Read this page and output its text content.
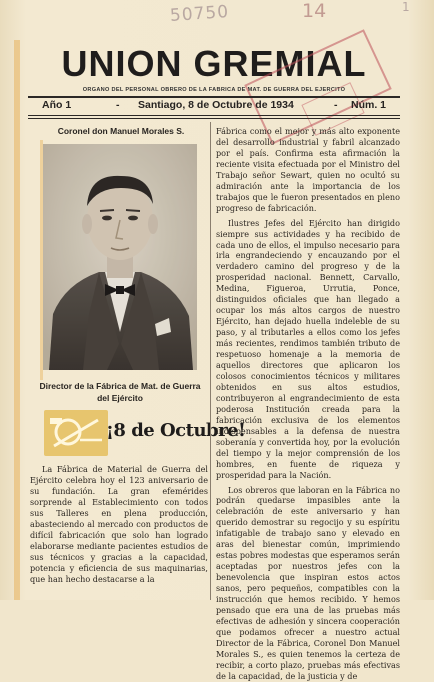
50750	14	1
UNION GREMIAL
ORGANO DEL PERSONAL OBRERO DE LA FABRICA DE MAT. DE GUERRA DEL EJERCITO
Año 1	- Santiago, 8 de Octubre de 1934	- Núm. 1
Coronel don Manuel Morales S.
Director de la Fábrica de Mat. de Guerra del Ejército
¡8 de Octubre!

La Fábrica de Material de Guerra del Ejército celebra hoy el 123 aniversario de su fundación. La gran efemérides sorprende al Establecimiento con todos sus Talleres en plena producción, abasteciendo al mercado con productos de difícil fabricación que solo han logrado elaborarse mediante pacientes estudios de sus técnicos y gracias a la capacidad, potencia y eficiencia de sus maquinarias, que han hecho destacarse a la

Fábrica como el mejor y más alto exponente del desarrollo industrial y fabril alcanzado por el país. Confirma esta afirmación la reciente visita efectuada por el Ministro del Trabajo señor Sewart, quien no ocultó su admiración ante la importancia de los trabajos que le fueron presentados en pleno progreso de fabricación.

Ilustres Jefes del Ejército han dirigido siempre sus actividades y ha recibido de cada uno de ellos, el impulso necesario para irla engrandeciendo y encauzando por el verdadero camino del progreso y de la prosperidad nacional. Bennett, Carvallo, Medina, Figueroa, Urrutia, Ponce, distinguidos oficiales que han llegado a ocupar los más altos cargos de nuestro Ejército, han dejado huella indeleble de su paso, y al tributarles a ellos como los jefes más recientes, rendimos también tributo de respetuoso homenaje a la memoria de aquellos directores que aplicaron los colosos conocimientos técnicos y militares obtenidos en sus altos estudios, contribuyeron al engrandecimiento de esta poderosa Institución creada para la fabricación exclusiva de los elementos indispensables a la defensa de nuestra soberanía y convertida hoy, por la evolución del tiempo y la mejor comprensión de los hombres, en fuente de riqueza y prosperidad para la Nación.

Los obreros que laboran en la Fábrica no podrán quedarse impasibles ante la celebración de este aniversario y han querido demostrar su regocijo y su espíritu infatigable de trabajo sano y elevado en aras del bienestar común, imprimiendo estas pobres modestas que esperamos serán aceptadas por nuestros jefes con la benevolencia que inspiran estos actos sanos, pero pequeños, compatibles con la instrucción que hemos recibido. Y hemos pensado que era una de las pruebas más efectivas de adhesión y sincera cooperación que podamos ofrecer a nuestro actual Director de la Fábrica, Coronel Don Manuel Morales S., es quien tenemos la certeza de recibir, a corto plazo, pruebas más efectivas de la capacidad, de la justicia y de
